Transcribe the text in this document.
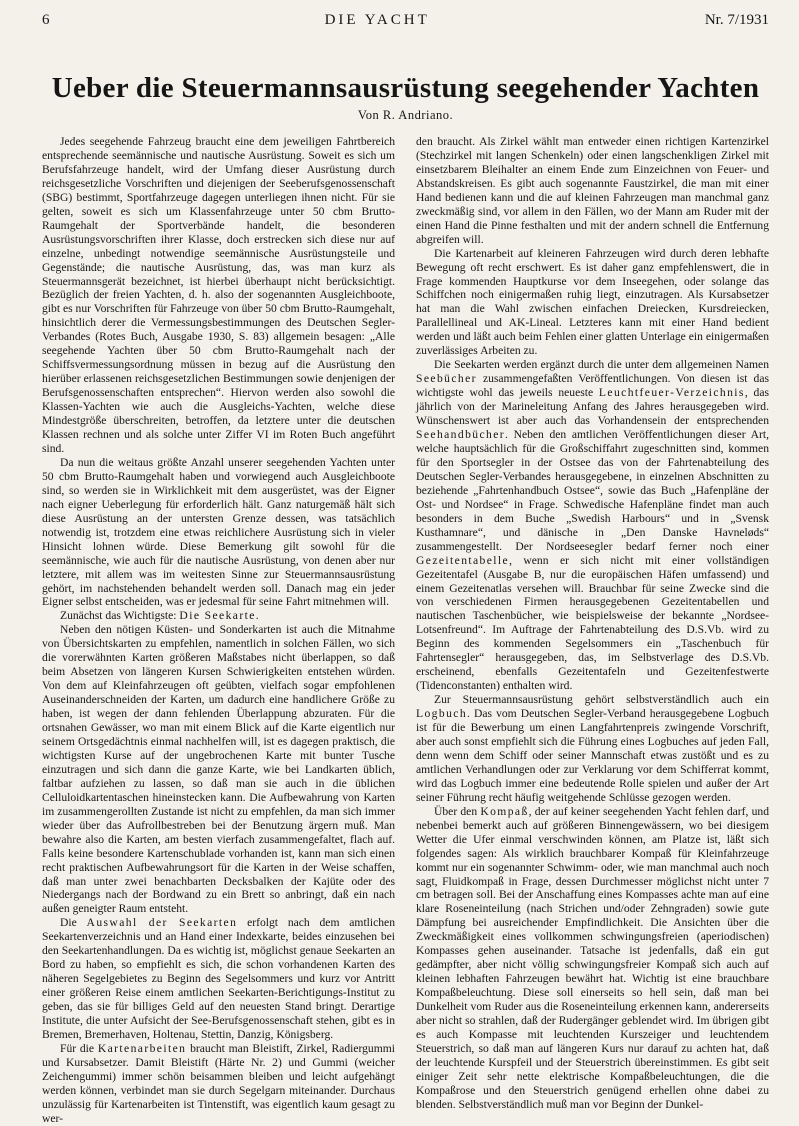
6	DIE YACHT	Nr. 7/1931
Ueber die Steuermannsausrüstung seegehender Yachten
Von R. Andriano.

Jedes seegehende Fahrzeug braucht eine dem jeweiligen Fahrtbereich entsprechende seemännische und nautische Ausrüstung. Soweit es sich um Berufsfahrzeuge handelt, wird der Umfang dieser Ausrüstung durch reichsgesetzliche Vorschriften und diejenigen der Seeberufsgenossenschaft (SBG) bestimmt, Sportfahrzeuge dagegen unterliegen ihnen nicht. Für sie gelten, soweit es sich um Klassenfahrzeuge unter 50 cbm Brutto-Raumgehalt der Sportverbände handelt, die besonderen Ausrüstungsvorschriften ihrer Klasse, doch erstrecken sich diese nur auf einzelne, unbedingt notwendige seemännische Ausrüstungsteile und Gegenstände; die nautische Ausrüstung, das, was man kurz als Steuermannsgerät bezeichnet, ist hierbei überhaupt nicht berücksichtigt. Bezüglich der freien Yachten, d. h. also der sogenannten Ausgleichboote, gibt es nur Vorschriften für Fahrzeuge von über 50 cbm Brutto-Raumgehalt, hinsichtlich derer die Vermessungsbestimmungen des Deutschen Segler-Verbandes (Rotes Buch, Ausgabe 1930, S. 83) allgemein besagen: „Alle seegehende Yachten über 50 cbm Brutto-Raumgehalt nach der Schiffsvermessungsordnung müssen in bezug auf die Ausrüstung den hierüber erlassenen reichsgesetzlichen Bestimmungen sowie denjenigen der Berufsgenossenschaften entsprechen“. Hiervon werden also sowohl die Klassen-Yachten wie auch die Ausgleichs-Yachten, welche diese Mindestgröße überschreiten, betroffen, da letztere unter die deutschen Klassen rechnen und als solche unter Ziffer VI im Roten Buch angeführt sind.

Da nun die weitaus größte Anzahl unserer seegehenden Yachten unter 50 cbm Brutto-Raumgehalt haben und vorwiegend auch Ausgleichboote sind, so werden sie in Wirklichkeit mit dem ausgerüstet, was der Eigner nach eigner Ueberlegung für erforderlich hält. Ganz naturgemäß hält sich diese Ausrüstung an der untersten Grenze dessen, was tatsächlich notwendig ist, trotzdem eine etwas reichlichere Ausrüstung sich in vieler Hinsicht lohnen würde. Diese Bemerkung gilt sowohl für die seemännische, wie auch für die nautische Ausrüstung, von denen aber nur letztere, mit allem was im weitesten Sinne zur Steuermannsausrüstung gehört, im nachstehenden behandelt werden soll. Danach mag ein jeder Eigner selbst entscheiden, was er jedesmal für seine Fahrt mitnehmen will.

Zunächst das Wichtigste: Die Seekarte.

Neben den nötigen Küsten- und Sonderkarten ist auch die Mitnahme von Übersichtskarten zu empfehlen, namentlich in solchen Fällen, wo sich die vorerwähnten Karten größeren Maßstabes nicht überlappen, so daß beim Absetzen von längeren Kursen Schwierigkeiten entstehen würden. Von dem auf Kleinfahrzeugen oft geübten, vielfach sogar empfohlenen Auseinanderschneiden der Karten, um dadurch eine handlichere Größe zu haben, ist wegen der dann fehlenden Überlappung abzuraten. Für die ortsnahen Gewässer, wo man mit einem Blick auf die Karte eigentlich nur seinem Ortsgedächtnis einmal nachhelfen will, ist es dagegen praktisch, die wichtigsten Kurse auf der ungebrochenen Karte mit bunter Tusche einzutragen und sich dann die ganze Karte, wie bei Landkarten üblich, faltbar aufziehen zu lassen, so daß man sie auch in die üblichen Celluloidkartentaschen hineinstecken kann. Die Aufbewahrung von Karten im zusammengerollten Zustande ist nicht zu empfehlen, da man sich immer wieder über das Aufrollbestreben bei der Benutzung ärgern muß. Man bewahre also die Karten, am besten vierfach zusammengefaltet, flach auf. Falls keine besondere Kartenschublade vorhanden ist, kann man sich einen recht praktischen Aufbewahrungsort für die Karten in der Weise schaffen, daß man unter zwei benachbarten Decksbalken der Kajüte oder des Niedergangs nach der Bordwand zu ein Brett so anbringt, daß ein nach außen geneigter Raum entsteht.

Die Auswahl der Seekarten erfolgt nach dem amtlichen Seekartenverzeichnis und an Hand einer Indexkarte, beides einzusehen bei den Seekartenhandlungen. Da es wichtig ist, möglichst genaue Seekarten an Bord zu haben, so empfiehlt es sich, die schon vorhandenen Karten des näheren Segelgebietes zu Beginn des Segelsommers und kurz vor Antritt einer größeren Reise einem amtlichen Seekarten-Berichtigungs-Institut zu geben, das sie für billiges Geld auf den neuesten Stand bringt. Derartige Institute, die unter Aufsicht der See-Berufsgenossenschaft stehen, gibt es in Bremen, Bremerhaven, Holtenau, Stettin, Danzig, Königsberg.

Für die Kartenarbeiten braucht man Bleistift, Zirkel, Radiergummi und Kursabsetzer. Damit Bleistift (Härte Nr. 2) und Gummi (weicher Zeichengummi) immer schön beisammen bleiben und leicht aufgehängt werden können, verbindet man sie durch Segelgarn miteinander. Durchaus unzulässig für Kartenarbeiten ist Tintenstift, was eigentlich kaum gesagt zu wer-

den braucht. Als Zirkel wählt man entweder einen richtigen Kartenzirkel (Stechzirkel mit langen Schenkeln) oder einen langschenkligen Zirkel mit einsetzbarem Bleihalter an einem Ende zum Einzeichnen von Feuer- und Abstandskreisen. Es gibt auch sogenannte Faustzirkel, die man mit einer Hand bedienen kann und die auf kleinen Fahrzeugen man manchmal ganz zweckmäßig sind, vor allem in den Fällen, wo der Mann am Ruder mit der einen Hand die Pinne festhalten und mit der andern schnell die Entfernung abgreifen will.

Die Kartenarbeit auf kleineren Fahrzeugen wird durch deren lebhafte Bewegung oft recht erschwert. Es ist daher ganz empfehlenswert, die in Frage kommenden Hauptkurse vor dem Inseegehen, oder solange das Schiffchen noch einigermaßen ruhig liegt, einzutragen. Als Kursabsetzer hat man die Wahl zwischen einfachen Dreiecken, Kursdreiecken, Parallellineal und AK-Lineal. Letzteres kann mit einer Hand bedient werden und läßt auch beim Fehlen einer glatten Unterlage ein einigermaßen zuverlässiges Arbeiten zu.

Die Seekarten werden ergänzt durch die unter dem allgemeinen Namen Seebücher zusammengefaßten Veröffentlichungen. Von diesen ist das wichtigste wohl das jeweils neueste Leuchtfeuer-Verzeichnis, das jährlich von der Marineleitung Anfang des Jahres herausgegeben wird. Wünschenswert ist aber auch das Vorhandensein der entsprechenden Seehandbücher. Neben den amtlichen Veröffentlichungen dieser Art, welche hauptsächlich für die Großschiffahrt zugeschnitten sind, kommen für den Sportsegler in der Ostsee das von der Fahrtenabteilung des Deutschen Segler-Verbandes herausgegebene, in einzelnen Abschnitten zu beziehende „Fahrtenhandbuch Ostsee“, sowie das Buch „Hafenpläne der Ost- und Nordsee“ in Frage. Schwedische Hafenpläne findet man auch besonders in dem Buche „Swedish Harbours“ und in „Svensk Kusthamnare“, und dänische in „Den Danske Havneløds“ zusammengestellt. Der Nordseesegler bedarf ferner noch einer Gezeitentabelle, wenn er sich nicht mit einer vollständigen Gezeitentafel (Ausgabe B, nur die europäischen Häfen umfassend) und einem Gezeitenatlas versehen will. Brauchbar für seine Zwecke sind die von verschiedenen Firmen herausgegebenen Gezeitentabellen und nautischen Taschenbücher, wie beispielsweise der bekannte „Nordsee-Lotsenfreund“. Im Auftrage der Fahrtenabteilung des D.S.Vb. wird zu Beginn des kommenden Segelsommers ein „Taschenbuch für Fahrtensegler“ herausgegeben, das, im Selbstverlage des D.S.Vb. erscheinend, ebenfalls Gezeitentafeln und Gezeitenfestwerte (Tidenconstanten) enthalten wird.

Zur Steuermannsausrüstung gehört selbstverständlich auch ein Logbuch. Das vom Deutschen Segler-Verband herausgegebene Logbuch ist für die Bewerbung um einen Langfahrtenpreis zwingende Vorschrift, aber auch sonst empfiehlt sich die Führung eines Logbuches auf jeden Fall, denn wenn dem Schiff oder seiner Mannschaft etwas zustößt und es zu amtlichen Verhandlungen oder zur Verklarung vor dem Schifferrat kommt, wird das Logbuch immer eine bedeutende Rolle spielen und außer der Art seiner Führung recht häufig weitgehende Schlüsse gezogen werden.

Über den Kompaß, der auf keiner seegehenden Yacht fehlen darf, und nebenbei bemerkt auch auf größeren Binnengewässern, wo bei diesigem Wetter die Ufer einmal verschwinden können, am Platze ist, läßt sich folgendes sagen: Als wirklich brauchbarer Kompaß für Kleinfahrzeuge kommt nur ein sogenannter Schwimm- oder, wie man manchmal auch noch sagt, Fluidkompaß in Frage, dessen Durchmesser möglichst nicht unter 7 cm betragen soll. Bei der Anschaffung eines Kompasses achte man auf eine klare Roseneinteilung (nach Strichen und/oder Zehngraden) sowie gute Dämpfung bei ausreichender Empfindlichkeit. Die Ansichten über die Zweckmäßigkeit eines vollkommen schwingungsfreien (aperiodischen) Kompasses gehen auseinander. Tatsache ist jedenfalls, daß ein gut gedämpfter, aber nicht völlig schwingungsfreier Kompaß sich auch auf kleinen lebhaften Fahrzeugen bewährt hat. Wichtig ist eine brauchbare Kompaßbeleuchtung. Diese soll einerseits so hell sein, daß man bei Dunkelheit vom Ruder aus die Roseneinteilung erkennen kann, andererseits aber nicht so strahlen, daß der Rudergänger geblendet wird. Im übrigen gibt es auch Kompasse mit leuchtenden Kurszeiger und leuchtendem Steuerstrich, so daß man auf längeren Kurs nur darauf zu achten hat, daß der leuchtende Kurspfeil und der Steuerstrich übereinstimmen. Es gibt seit einiger Zeit sehr nette elektrische Kompaßbeleuchtungen, die die Kompaßrose und den Steuerstrich genügend erhellen ohne dabei zu blenden. Selbstverständlich muß man vor Beginn der Dunkel-
